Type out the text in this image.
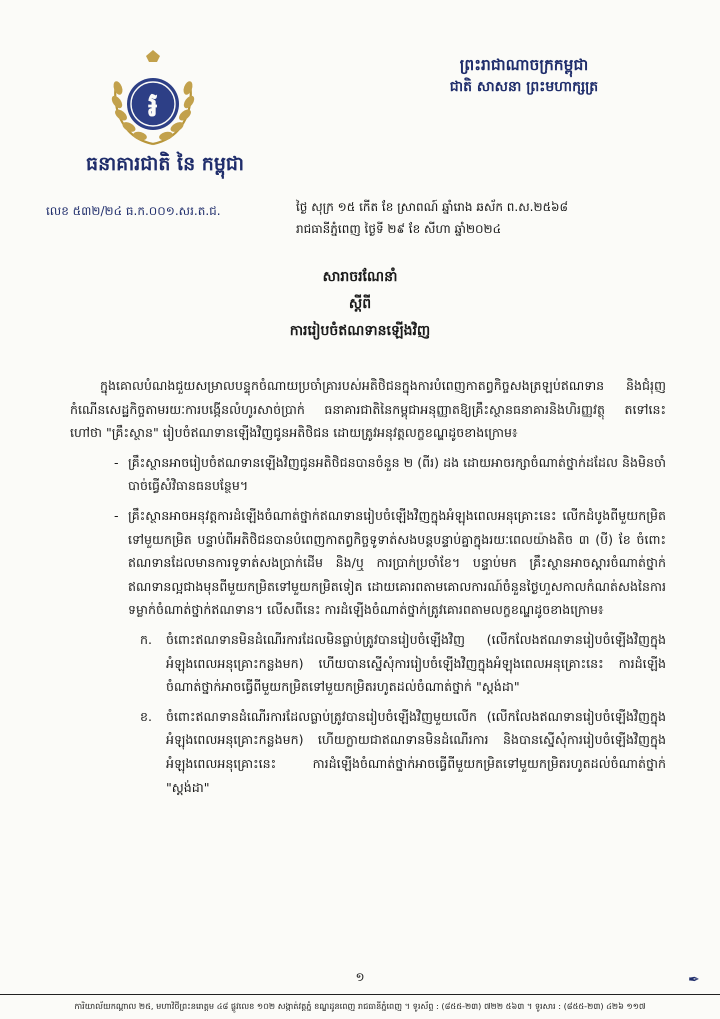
៛
ធនាគារជាតិ នៃ កម្ពុជា
ព្រះរាជាណាចក្រកម្ពុជា
ជាតិ សាសនា ព្រះមហាក្សត្រ
លេខ ៥៣២/២៤ ធ.ក.០០១.សរ.ត.ជ.	ថ្ងៃ សុក្រ ១៥ កើត ខែ ស្រាពណ៍ ឆ្នាំរោង ឆស័ក ព.ស.២៥៦៨
រាជធានីភ្នំពេញ ថ្ងៃទី ២៩ ខែ សីហា ឆ្នាំ២០២៤
សារាចរណែនាំ
ស្តីពី
ការរៀបចំឥណទានឡើងវិញ

ក្នុងគោលបំណងជួយសម្រាលបន្ទុកចំណាយប្រចាំគ្រារបស់អតិថិជនក្នុងការបំពេញកាតព្វកិច្ចសងត្រឡប់ឥណទាន និងជំរុញកំណើនសេដ្ឋកិច្ចតាមរយៈការបង្កើនលំហូរសាច់ប្រាក់ ធនាគារជាតិនៃកម្ពុជាអនុញ្ញាតឱ្យគ្រឹះស្ថានធនាគារនិងហិរញ្ញវត្ថុ តទៅនេះហៅថា "គ្រឹះស្ថាន" រៀបចំឥណទានឡើងវិញជូនអតិថិជន ដោយត្រូវអនុវត្តលក្ខខណ្ឌដូចខាងក្រោម៖

- គ្រឹះស្ថានអាចរៀបចំឥណទានឡើងវិញជូនអតិថិជនបានចំនួន ២ (ពីរ) ដង ដោយអាចរក្សាចំណាត់ថ្នាក់ដដែល និងមិនចាំបាច់ធ្វើសំវិធានធនបន្ថែម។
- គ្រឹះស្ថានអាចអនុវត្តការដំឡើងចំណាត់ថ្នាក់ឥណទានរៀបចំឡើងវិញក្នុងអំឡុងពេលអនុគ្រោះនេះ លើកដំបូងពីមួយកម្រិតទៅមួយកម្រិត បន្ទាប់ពីអតិថិជនបានបំពេញកាតព្វកិច្ចទូទាត់សងបន្តបន្ទាប់គ្នាក្នុងរយៈពេលយ៉ាងតិច ៣ (បី) ខែ ចំពោះឥណទានដែលមានការទូទាត់សងប្រាក់ដើម និង/ឬ ការប្រាក់ប្រចាំខែ។ បន្ទាប់មក គ្រឹះស្ថានអាចស្តារចំណាត់ថ្នាក់ឥណទានល្អជាងមុនពីមួយកម្រិតទៅមួយកម្រិតទៀត ដោយគោរពតាមគោលការណ៍ចំនួនថ្ងៃហួសកាលកំណត់សងនៃការទម្លាក់ចំណាត់ថ្នាក់ឥណទាន។ លើសពីនេះ ការដំឡើងចំណាត់ថ្នាក់ត្រូវគោរពតាមលក្ខខណ្ឌដូចខាងក្រោម៖
ក. ចំពោះឥណទានមិនដំណើរការដែលមិនធ្លាប់ត្រូវបានរៀបចំឡើងវិញ (លើកលែងឥណទានរៀបចំឡើងវិញក្នុងអំឡុងពេលអនុគ្រោះកន្លងមក) ហើយបានស្នើសុំការរៀបចំឡើងវិញក្នុងអំឡុងពេលអនុគ្រោះនេះ ការដំឡើងចំណាត់ថ្នាក់អាចធ្វើពីមួយកម្រិតទៅមួយកម្រិតរហូតដល់ចំណាត់ថ្នាក់ "ស្តង់ដា"
ខ. ចំពោះឥណទានដំណើរការដែលធ្លាប់ត្រូវបានរៀបចំឡើងវិញមួយលើក (លើកលែងឥណទានរៀបចំឡើងវិញក្នុងអំឡុងពេលអនុគ្រោះកន្លងមក) ហើយក្លាយជាឥណទានមិនដំណើរការ និងបានស្នើសុំការរៀបចំឡើងវិញក្នុងអំឡុងពេលអនុគ្រោះនេះ ការដំឡើងចំណាត់ថ្នាក់អាចធ្វើពីមួយកម្រិតទៅមួយកម្រិតរហូតដល់ចំណាត់ថ្នាក់ "ស្តង់ដា"
១	✒
ការិយាល័យកណ្តាល ២៥, មហាវិថីព្រះនរោត្តម ៤៨ ផ្លូវលេខ ១០២ សង្កាត់វត្តភ្នំ ខណ្ឌដូនពេញ រាជធានីភ្នំពេញ ។ ទូរស័ព្ទ : (៨៥៥-២៣) ៧២២ ៥៦៣ ។ ទូរសារ : (៨៥៥-២៣) ៤២៦ ១១៧
